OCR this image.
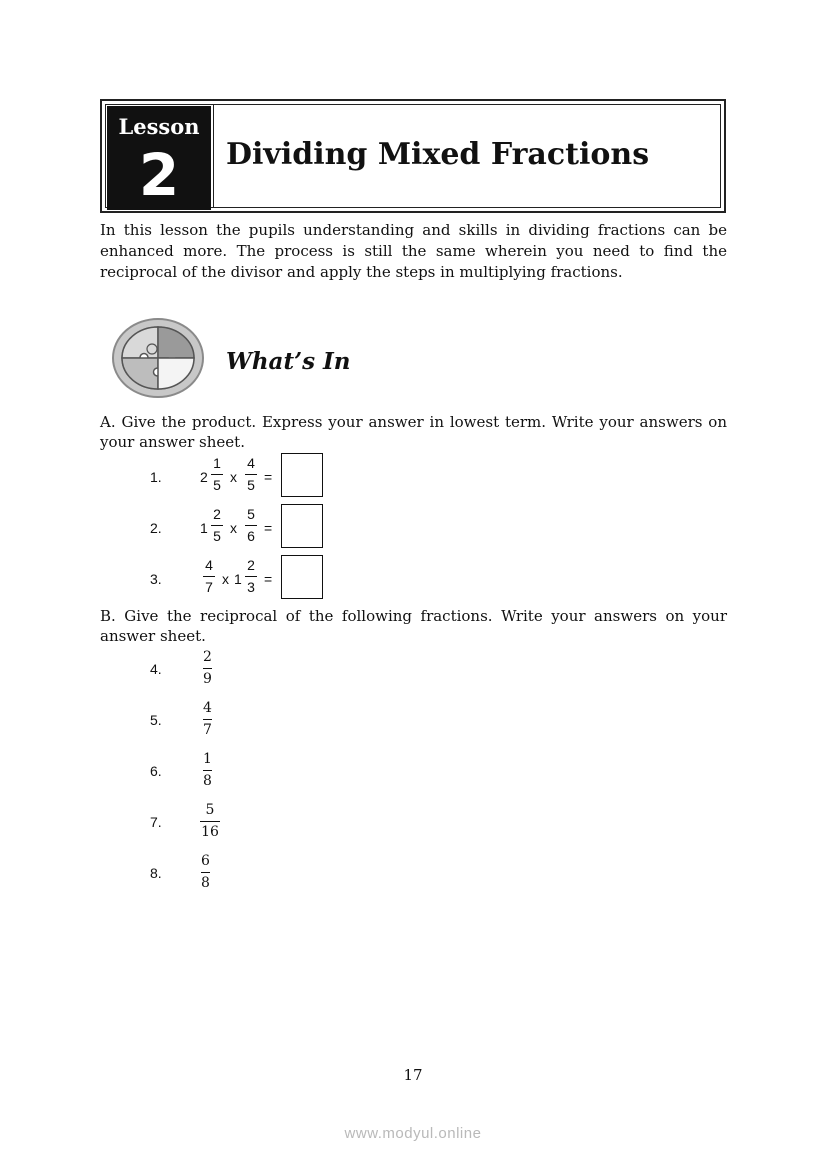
Lesson
2	Dividing Mixed Fractions

In this lesson the pupils understanding and skills in dividing fractions can be enhanced more. The process is still the same wherein you need to find the reciprocal of the divisor and apply the steps in multiplying fractions.

What’s In

A. Give the product. Express your answer in lowest term. Write your answers on your answer sheet.

1.	2
1
5 x
4
5 =
2.	1
2
5 x
5
6 =
3.
4
7 x 1
2
3 =

B. Give the reciprocal of the following fractions. Write your answers on your answer sheet.

4.
2
9
5.
4
7
6.
1
8
7.
5
16
8.
6
8
17
www.modyul.online
